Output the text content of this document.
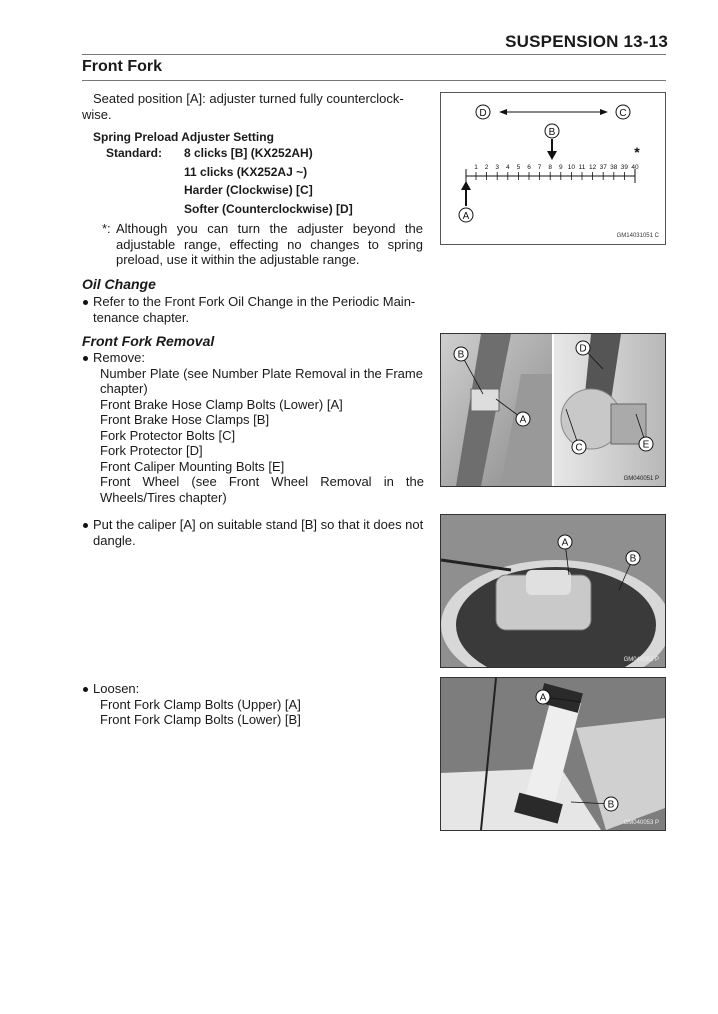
SUSPENSION 13-13
Front Fork
Seated position [A]: adjuster turned fully counterclock-
wise.
Spring Preload Adjuster Setting
Standard: 8 clicks [B] (KX252AH)
11 clicks (KX252AJ ~)
Harder (Clockwise) [C]
Softer (Counterclockwise) [D]
*: Although you can turn the adjuster beyond the
adjustable range, effecting no changes to spring
preload, use it within the adjustable range.
Oil Change
Refer to the Front Fork Oil Change in the Periodic Main-
tenance chapter.
Front Fork Removal
Remove:
Number Plate (see Number Plate Removal in the Frame
chapter)
Front Brake Hose Clamp Bolts (Lower) [A]
Front Brake Hose Clamps [B]
Fork Protector Bolts [C]
Fork Protector [D]
Front Caliper Mounting Bolts [E]
Front Wheel (see Front Wheel Removal in the
Wheels/Tires chapter)
Put the caliper [A] on suitable stand [B] so that it does not
dangle.
Loosen:
Front Fork Clamp Bolts (Upper) [A]
Front Fork Clamp Bolts (Lower) [B]
D	C
B
*
1 2 3 4 5 6 7 8 9 10 11 12 37 38 39 40
A
GM14031051 C
B
A
D
C	E
GM040051 P
A
B
GM040052 P
A
B
GM040053 P
